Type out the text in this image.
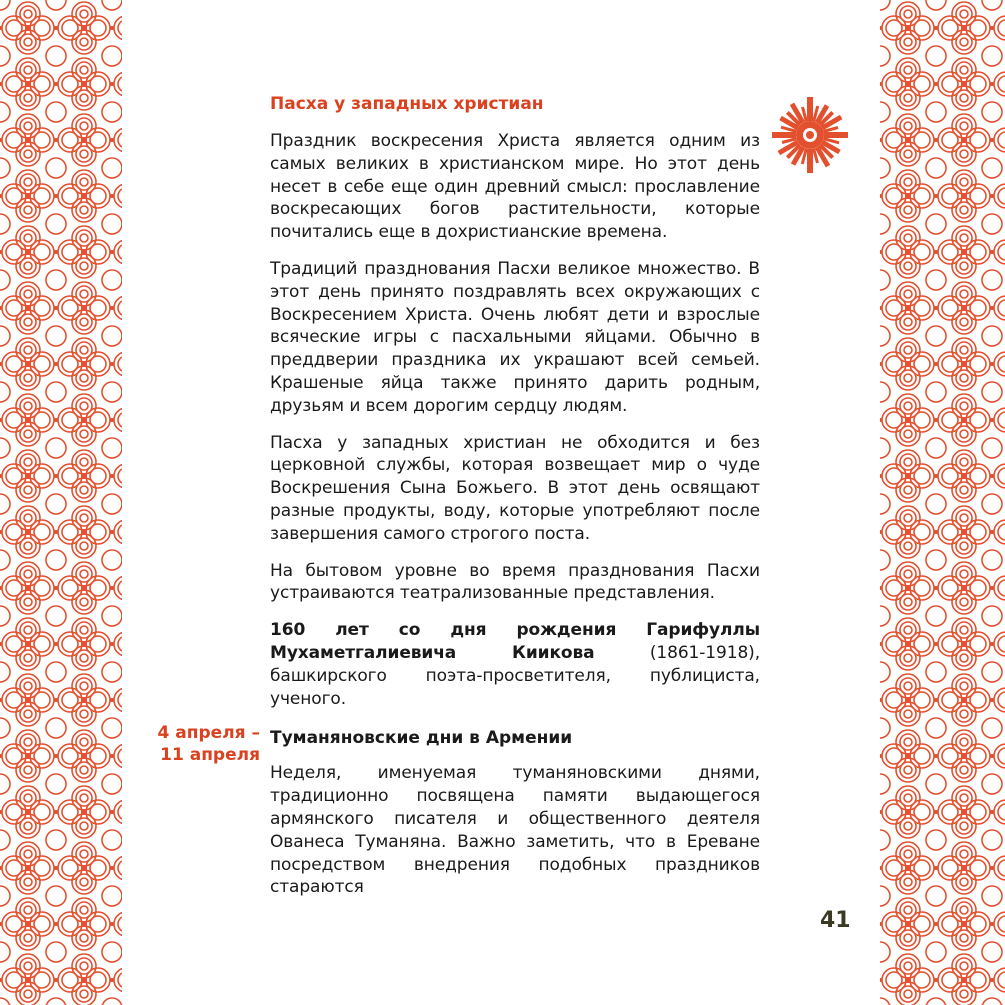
Пасха у западных христиан

Праздник воскресения Христа является одним из самых великих в христианском мире. Но этот день несет в себе еще один древний смысл: прославление воскресающих богов растительности, которые почитались еще в дохристианские времена.

Традиций празднования Пасхи великое множество. В этот день принято поздравлять всех окружающих с Воскресением Христа. Очень любят дети и взрослые всяческие игры с пасхальными яйцами. Обычно в преддверии праздника их украшают всей семьей. Крашеные яйца также принято дарить родным, друзьям и всем дорогим сердцу людям.

Пасха у западных христиан не обходится и без церковной службы, которая возвещает мир о чуде Воскрешения Сына Божьего. В этот день освящают разные продукты, воду, которые употребляют после завершения самого строгого поста.

На бытовом уровне во время празднования Пасхи устраиваются театрализованные представления.

160 лет со дня рождения Гарифуллы Мухаметгалиевича Киикова (1861-1918), башкирского поэта-просветителя, публициста, ученого.

Туманяновские дни в Армении

Неделя, именуемая туманяновскими днями, традиционно посвящена памяти выдающегося армянского писателя и общественного деятеля Ованеса Туманяна. Важно заметить, что в Ереване посредством внедрения подобных праздников стараются

4 апреля –
11 апреля
41
